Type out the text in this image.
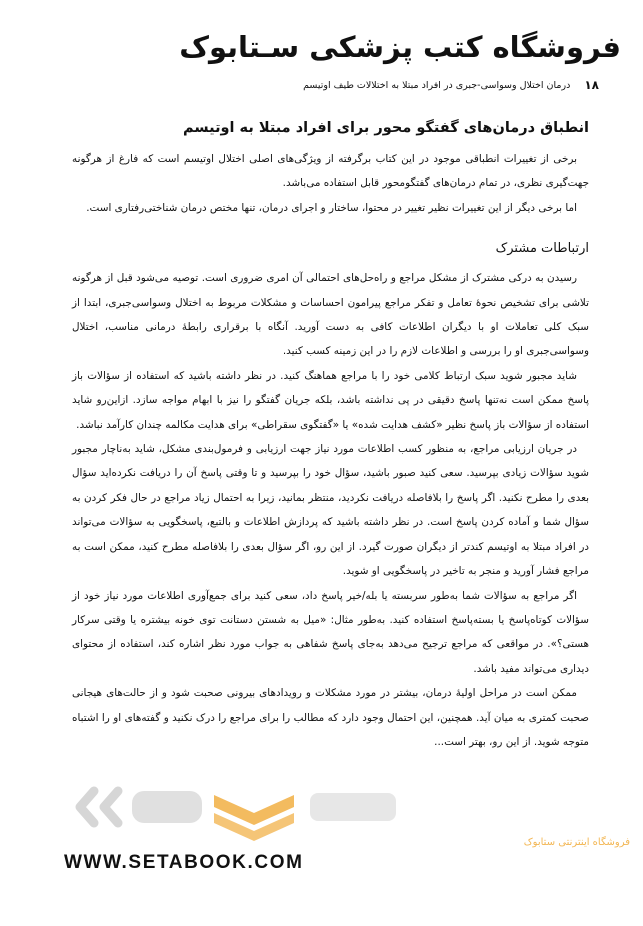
فروشگاه کتب پزشکی سـتابوک
۱۸
درمان اختلال وسواسی-جبری در افراد مبتلا به اختلالات طیف اوتیسم
انطباق درمان‌های گفتگو محور برای افراد مبتلا به اوتیسم

برخی از تغییرات انطباقی موجود در این کتاب برگرفته از ویژگی‌های اصلی اختلال اوتیسم است که فارغ از هرگونه جهت‌گیری نظری، در تمام درمان‌های گفتگومحور قابل استفاده می‌باشد.

اما برخی دیگر از این تغییرات نظیر تغییر در محتوا، ساختار و اجرای درمان، تنها مختص درمان شناختی‌رفتاری است.

ارتباطات مشترک

رسیدن به درکی مشترک از مشکل مراجع و راه‌حل‌های احتمالی آن امری ضروری است. توصیه می‌شود قبل از هرگونه تلاشی برای تشخیص نحوهٔ تعامل و تفکر مراجع پیرامون احساسات و مشکلات مربوط به اختلال وسواسی‌جبری، ابتدا از سبک کلی تعاملات او با دیگران اطلاعات کافی به دست آورید. آنگاه با برقراری رابطهٔ درمانی مناسب، اختلال وسواسی‌جبری او را بررسی و اطلاعات لازم را در این زمینه کسب کنید.

شاید مجبور شوید سبک ارتباط کلامی خود را با مراجع هماهنگ کنید. در نظر داشته باشید که استفاده از سؤالات باز پاسخ ممکن است نه‌تنها پاسخ دقیقی در پی نداشته باشد، بلکه جریان گفتگو را نیز با ابهام مواجه سازد. ازاین‌رو شاید استفاده از سؤالات باز پاسخ نظیر «کشف هدایت شده» یا «گفتگوی سقراطی» برای هدایت مکالمه چندان کارآمد نباشد.

در جریان ارزیابی مراجع، به منظور کسب اطلاعات مورد نیاز جهت ارزیابی و فرمول‌بندی مشکل، شاید به‌ناچار مجبور شوید سؤالات زیادی بپرسید. سعی کنید صبور باشید، سؤال خود را بپرسید و تا وقتی پاسخ آن را دریافت نکرده‌اید سؤال بعدی را مطرح نکنید. اگر پاسخ را بلافاصله دریافت نکردید، منتظر بمانید، زیرا به احتمال زیاد مراجع در حال فکر کردن به سؤال شما و آماده کردن پاسخ است. در نظر داشته باشید که پردازش اطلاعات و بالتبع، پاسخگویی به سؤالات می‌تواند در افراد مبتلا به اوتیسم کندتر از دیگران صورت گیرد. از این رو، اگر سؤال بعدی را بلافاصله مطرح کنید، ممکن است به مراجع فشار آورید و منجر به تاخیر در پاسخگویی او شوید.

اگر مراجع به سؤالات شما به‌طور سربسته یا بله/خیر پاسخ داد، سعی کنید برای جمع‌آوری اطلاعات مورد نیاز خود از سؤالات کوتاه‌پاسخ یا بسته‌پاسخ استفاده کنید. به‌طور مثال: «میل به شستن دستانت توی خونه بیشتره یا وقتی سرکار هستی؟». در مواقعی که مراجع ترجیح می‌دهد به‌جای پاسخ شفاهی به جواب مورد نظر اشاره کند، استفاده از محتوای دیداری می‌تواند مفید باشد.

ممکن است در مراحل اولیهٔ درمان، بیشتر در مورد مشکلات و رویدادهای بیرونی صحبت شود و از حالت‌های هیجانی صحبت کمتری به میان آید. همچنین، این احتمال وجود دارد که مطالب را برای مراجع را درک نکنید و گفته‌های او را اشتباه متوجه شوید. از این رو، بهتر است...

فروشگاه اینترنتی ستابوک
WWW.SETABOOK.COM
